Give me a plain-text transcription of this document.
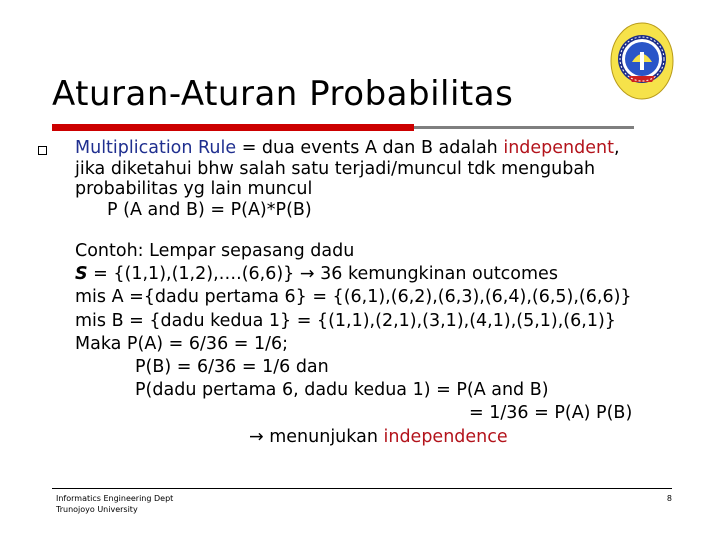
Aturan-Aturan Probabilitas
Multiplication Rule = dua events A dan B adalah independent,
jika diketahui bhw salah satu terjadi/muncul tdk mengubah
probabilitas yg lain muncul
P (A and B) = P(A)*P(B)
Contoh: Lempar sepasang dadu
S = {(1,1),(1,2),….(6,6)} → 36 kemungkinan outcomes
mis A ={dadu pertama 6} = {(6,1),(6,2),(6,3),(6,4),(6,5),(6,6)}
mis B = {dadu kedua 1} = {(1,1),(2,1),(3,1),(4,1),(5,1),(6,1)}
Maka P(A) = 6/36 = 1/6;
P(B) = 6/36 = 1/6 dan
P(dadu pertama 6, dadu kedua 1) = P(A and B)
= 1/36 = P(A) P(B)
→ menunjukan independence
Informatics Engineering Dept
Trunojoyo University
8
